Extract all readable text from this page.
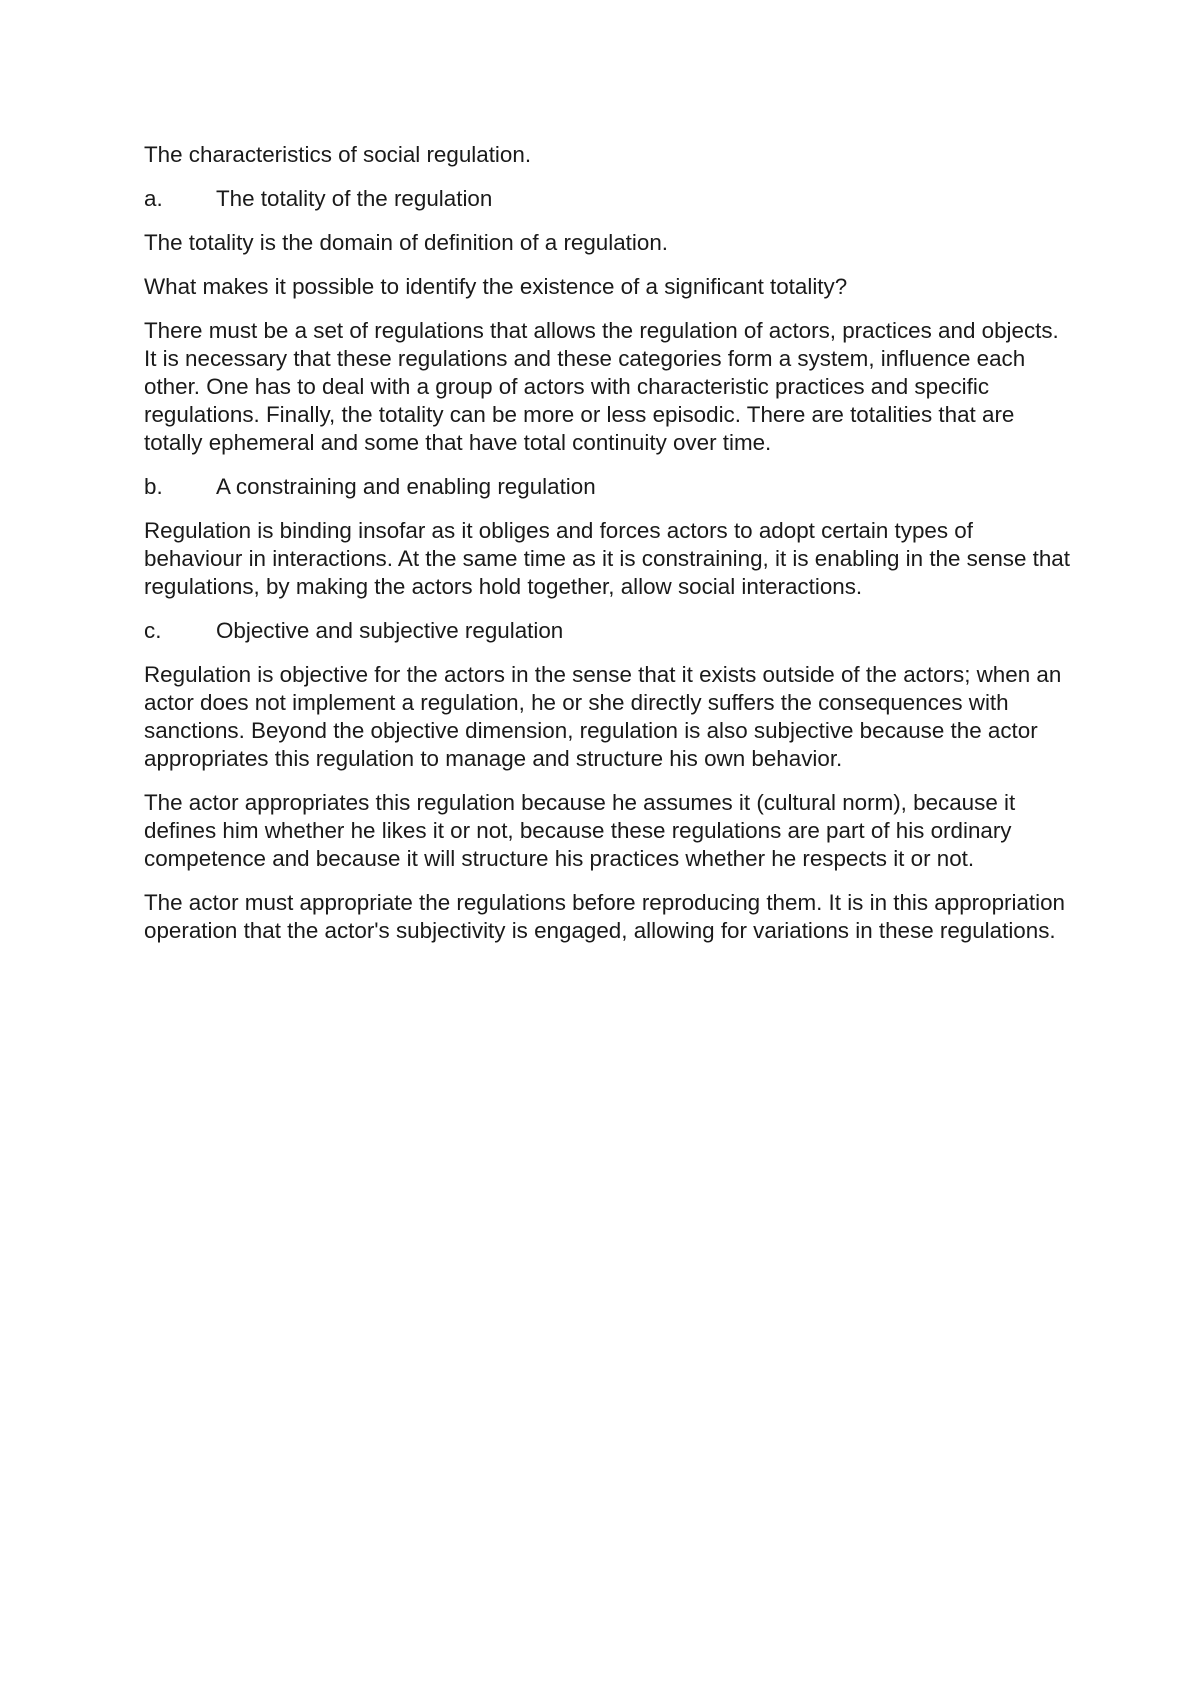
The characteristics of social regulation.

a.	The totality of the regulation

The totality is the domain of definition of a regulation.

What makes it possible to identify the existence of a significant totality?

There must be a set of regulations that allows the regulation of actors, practices and objects. It is necessary that these regulations and these categories form a system, influence each other. One has to deal with a group of actors with characteristic practices and specific regulations. Finally, the totality can be more or less episodic. There are totalities that are totally ephemeral and some that have total continuity over time.

b.	A constraining and enabling regulation

Regulation is binding insofar as it obliges and forces actors to adopt certain types of behaviour in interactions. At the same time as it is constraining, it is enabling in the sense that regulations, by making the actors hold together, allow social interactions.

c.	Objective and subjective regulation

Regulation is objective for the actors in the sense that it exists outside of the actors; when an actor does not implement a regulation, he or she directly suffers the consequences with sanctions. Beyond the objective dimension, regulation is also subjective because the actor appropriates this regulation to manage and structure his own behavior.

The actor appropriates this regulation because he assumes it (cultural norm), because it defines him whether he likes it or not, because these regulations are part of his ordinary competence and because it will structure his practices whether he respects it or not.

The actor must appropriate the regulations before reproducing them. It is in this appropriation operation that the actor's subjectivity is engaged, allowing for variations in these regulations.
